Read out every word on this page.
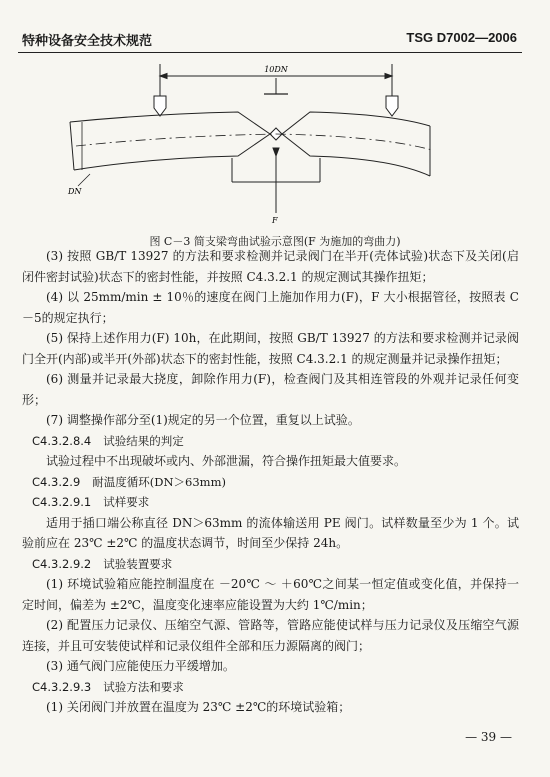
特种设备安全技术规范	TSG D7002—2006
10DN
DN
F
图 C－3 简支梁弯曲试验示意图(F 为施加的弯曲力)

(3) 按照 GB/T 13927 的方法和要求检测并记录阀门在半开(壳体试验)状态下及关闭(启闭件密封试验)状态下的密封性能，并按照 C4.3.2.1 的规定测试其操作扭矩；

(4) 以 25mm/min ± 10％的速度在阀门上施加作用力(F)，F 大小根据管径，按照表 C－5的规定执行；

(5) 保持上述作用力(F) 10h，在此期间，按照 GB/T 13927 的方法和要求检测并记录阀门全开(内部)或半开(外部)状态下的密封性能，按照 C4.3.2.1 的规定测量并记录操作扭矩；

(6) 测量并记录最大挠度，卸除作用力(F)，检查阀门及其相连管段的外观并记录任何变形；

(7) 调整操作部分至(1)规定的另一个位置，重复以上试验。

C4.3.2.8.4 试验结果的判定

试验过程中不出现破坏或内、外部泄漏，符合操作扭矩最大值要求。

C4.3.2.9 耐温度循环(DN＞63mm)

C4.3.2.9.1 试样要求

适用于插口端公称直径 DN＞63mm 的流体输送用 PE 阀门。试样数量至少为 1 个。试验前应在 23℃ ±2℃ 的温度状态调节，时间至少保持 24h。

C4.3.2.9.2 试验装置要求

(1) 环境试验箱应能控制温度在 －20℃ ～ ＋60℃之间某一恒定值或变化值，并保持一定时间，偏差为 ±2℃，温度变化速率应能设置为大约 1℃/min；

(2) 配置压力记录仪、压缩空气源、管路等，管路应能使试样与压力记录仪及压缩空气源连接，并且可安装使试样和记录仪组件全部和压力源隔离的阀门；

(3) 通气阀门应能使压力平缓增加。

C4.3.2.9.3 试验方法和要求

(1) 关闭阀门并放置在温度为 23℃ ±2℃的环境试验箱；

— 39 —
